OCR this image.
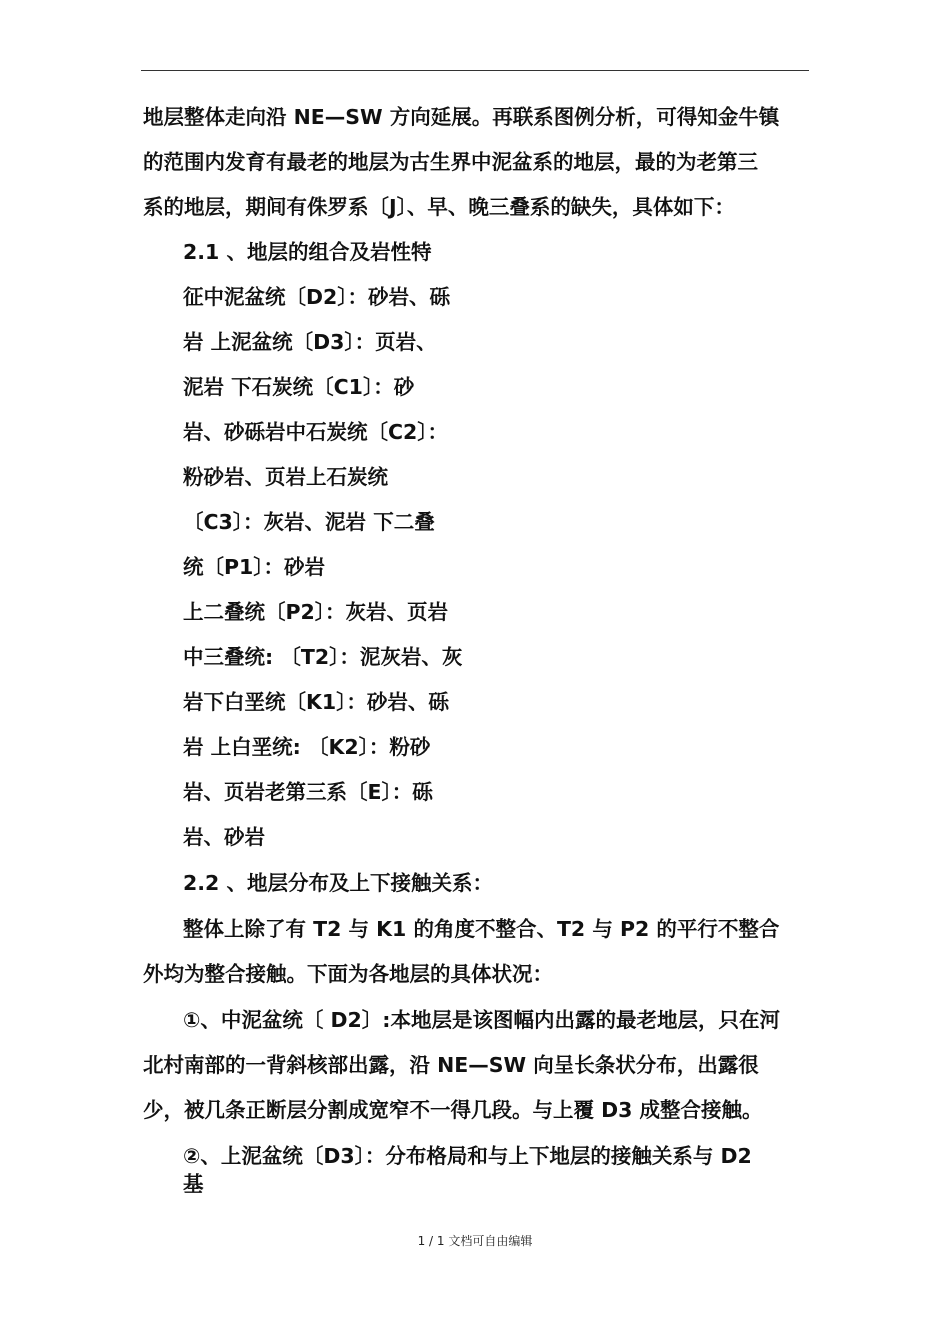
地层整体走向沿 NE—SW 方向延展。再联系图例分析，可得知金牛镇
的范围内发育有最老的地层为古生界中泥盆系的地层，最的为老第三
系的地层，期间有侏罗系〔J〕、早、晚三叠系的缺失，具体如下：
2.1 、地层的组合及岩性特
征中泥盆统〔D2〕：砂岩、砾
岩 上泥盆统〔D3〕：页岩、
泥岩 下石炭统〔C1〕：砂
岩、砂砾岩中石炭统〔C2〕：
粉砂岩、页岩上石炭统
〔C3〕：灰岩、泥岩 下二叠
统〔P1〕：砂岩
上二叠统〔P2〕：灰岩、页岩
中三叠统: 〔T2〕：泥灰岩、灰
岩下白垩统〔K1〕：砂岩、砾
岩 上白垩统: 〔K2〕：粉砂
岩、页岩老第三系〔E〕：砾
岩、砂岩
2.2 、地层分布及上下接触关系：
整体上除了有 T2 与 K1 的角度不整合、T2 与 P2 的平行不整合
外均为整合接触。下面为各地层的具体状况：
①、中泥盆统〔 D2〕:本地层是该图幅内出露的最老地层，只在河
北村南部的一背斜核部出露，沿 NE—SW 向呈长条状分布，出露很
少，被几条正断层分割成宽窄不一得几段。与上覆 D3 成整合接触。
②、上泥盆统〔D3〕：分布格局和与上下地层的接触关系与 D2
基
1 / 1 文档可自由编辑
